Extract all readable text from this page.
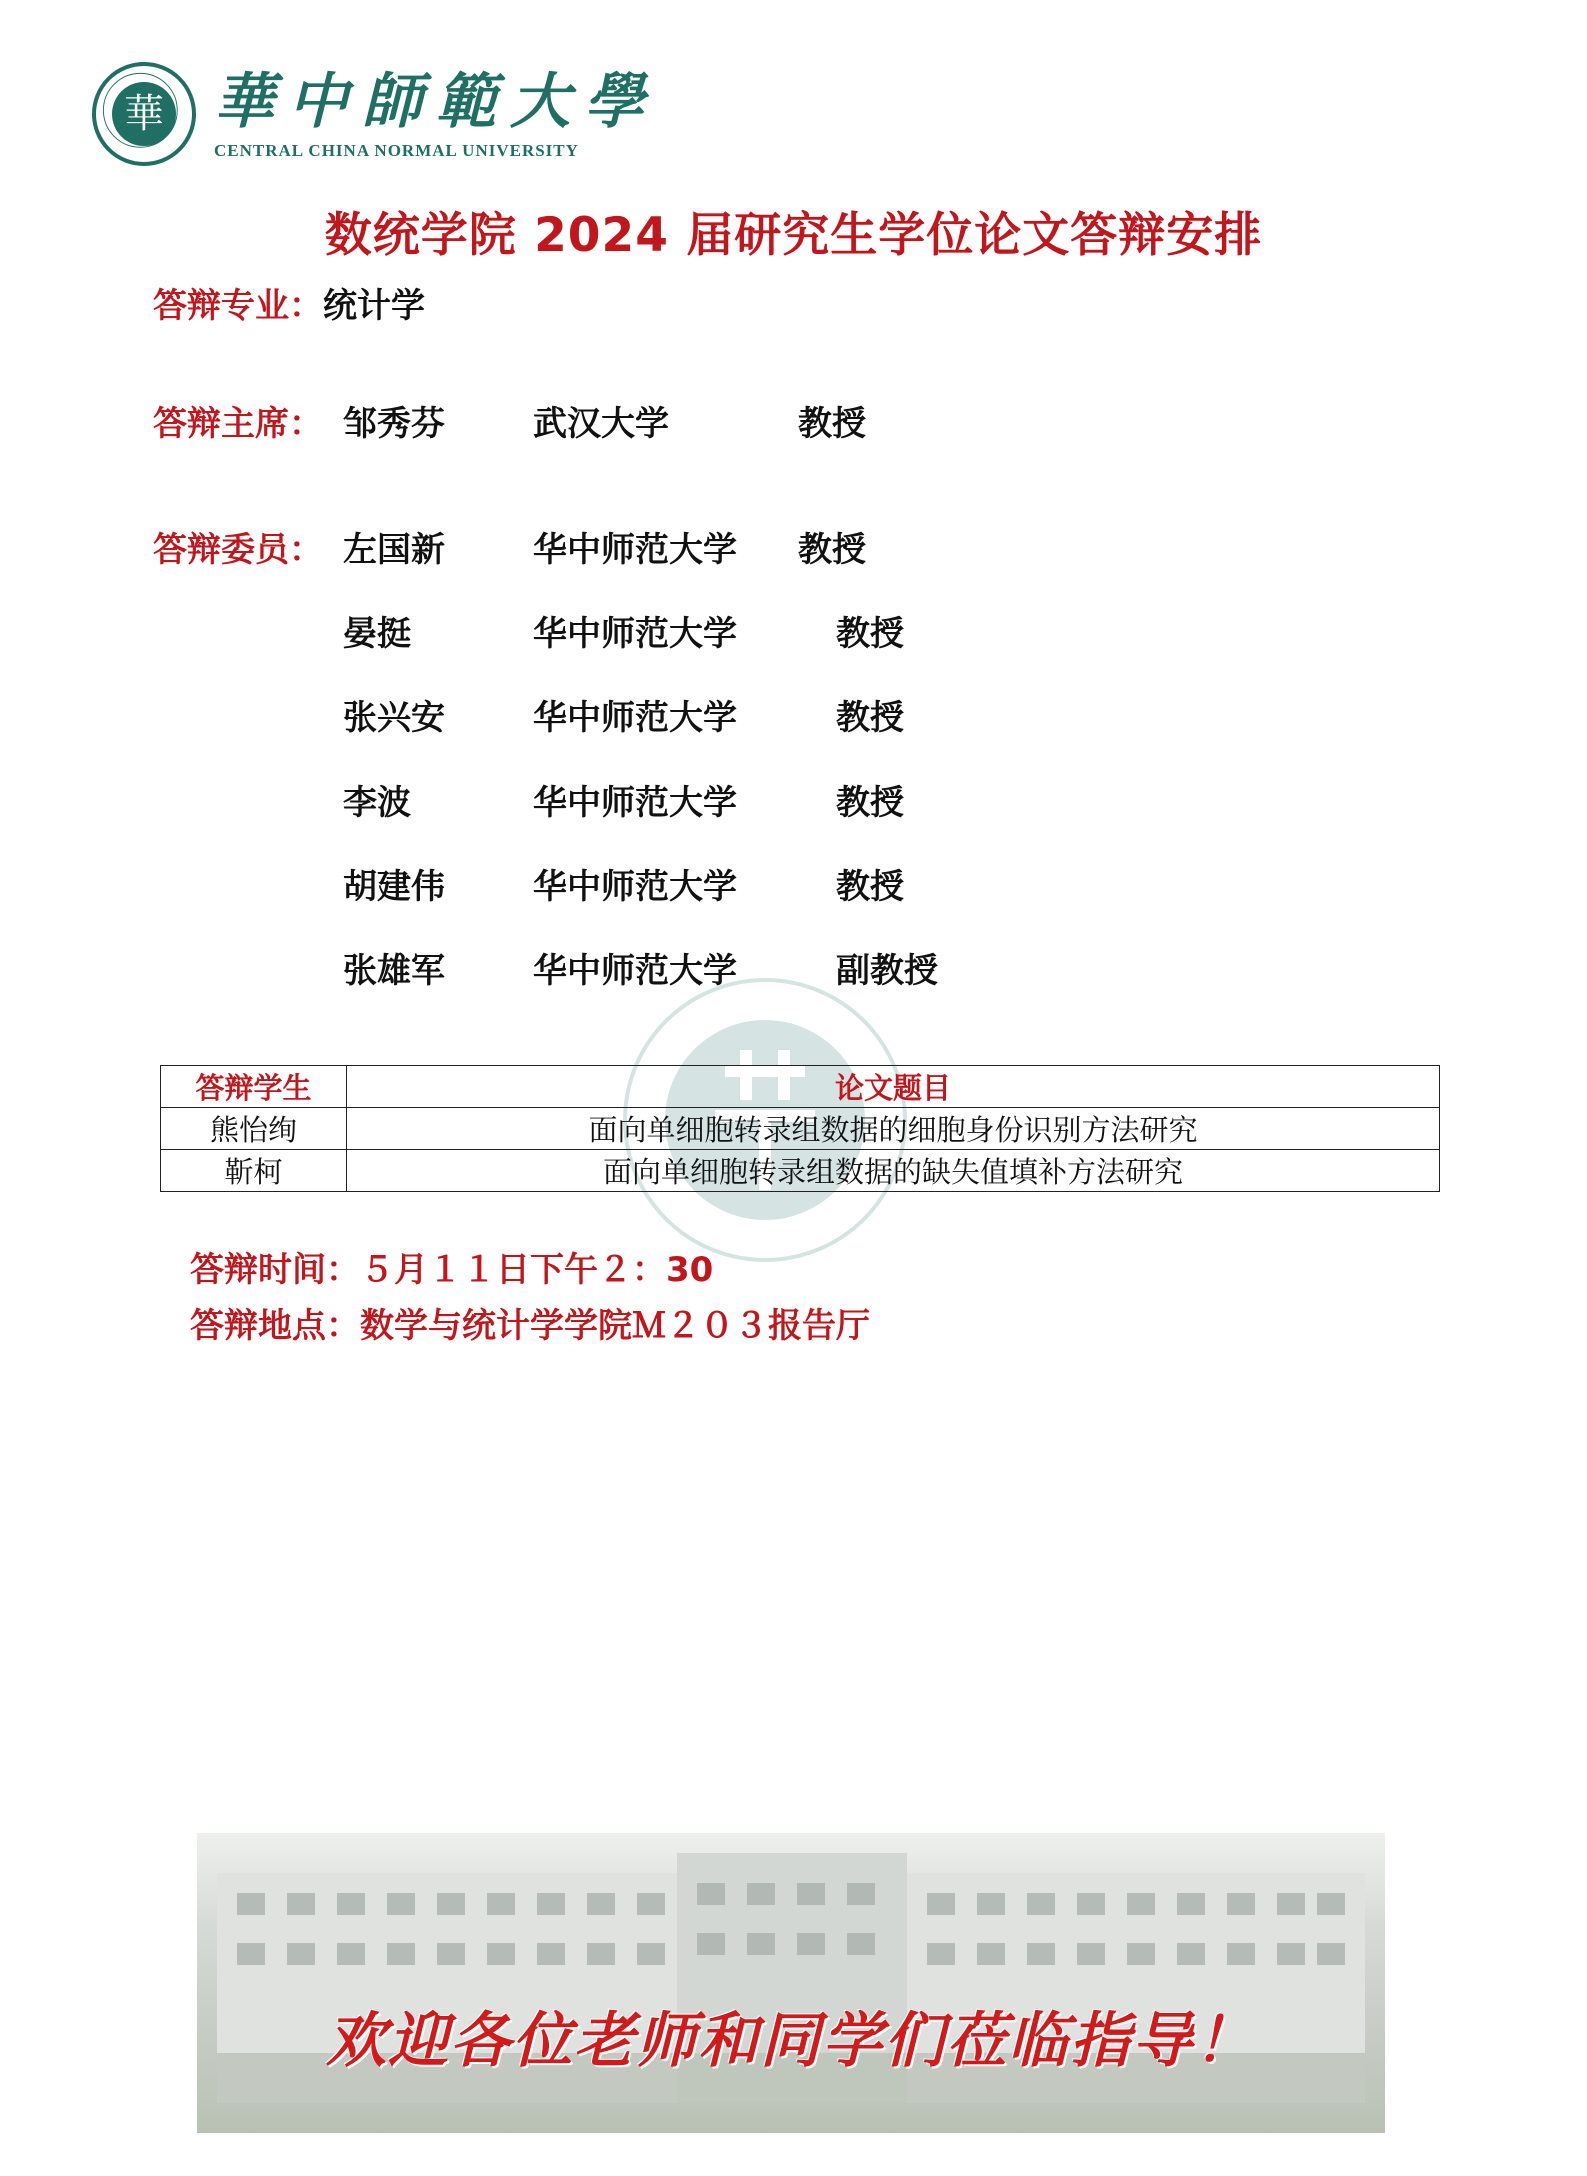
華 華中師範大學
CENTRAL CHINA NORMAL UNIVERSITY
数统学院 2024 届研究生学位论文答辩安排
答辩专业：统计学
答辩主席： 邹秀芬	武汉大学	教授
答辩委员： 左国新	华中师范大学 教授
晏挺	华中师范大学	教授
张兴安	华中师范大学	教授
李波	华中师范大学	教授
胡建伟	华中师范大学	教授
张雄军	华中师范大学	副教授
答辩学生	论文题目
熊怡绚	面向单细胞转录组数据的细胞身份识别方法研究
靳柯	面向单细胞转录组数据的缺失值填补方法研究
答辩时间：５月１１日下午２：30
答辩地点：数学与统计学学院Ｍ２０３报告厅
欢迎各位老师和同学们莅临指导！
